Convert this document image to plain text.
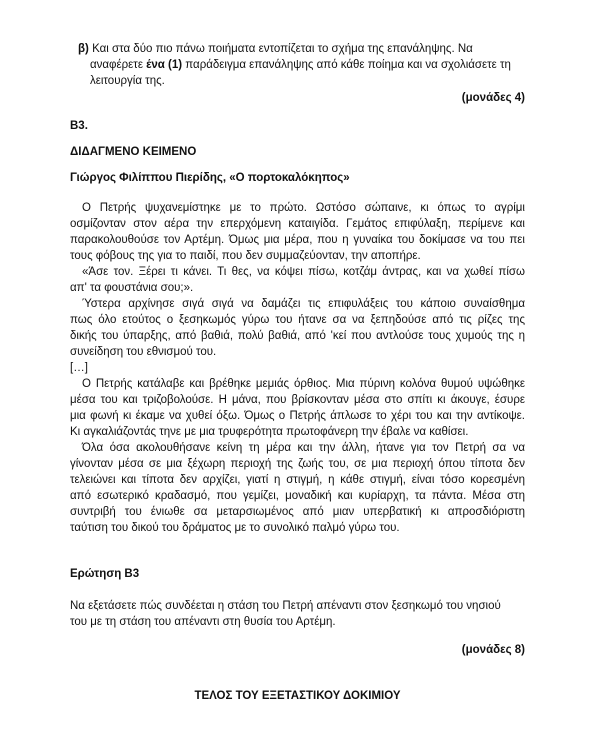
β) Και στα δύο πιο πάνω ποιήματα εντοπίζεται το σχήμα της επανάληψης. Να
αναφέρετε ένα (1) παράδειγμα επανάληψης από κάθε ποίημα και να σχολιάσετε τη
λειτουργία της.
(μονάδες 4)
Β3.
ΔΙΔΑΓΜΕΝΟ ΚΕΙΜΕΝΟ
Γιώργος Φιλίππου Πιερίδης, «Ο πορτοκαλόκηπος»
Ο Πετρής ψυχανεμίστηκε με το πρώτο. Ωστόσο σώπαινε, κι όπως το αγρίμι
οσμίζονταν στον αέρα την επερχόμενη καταιγίδα. Γεμάτος επιφύλαξη, περίμενε και
παρακολουθούσε τον Αρτέμη. Όμως μια μέρα, που η γυναίκα του δοκίμασε να του πει
τους φόβους της για το παιδί, που δεν συμμαζεύονταν, την αποπήρε.
«Άσε τον. Ξέρει τι κάνει. Τι θες, να κόψει πίσω, κοτζάμ άντρας, και να χωθεί πίσω
απ' τα φουστάνια σου;».
Ύστερα αρχίνησε σιγά σιγά να δαμάζει τις επιφυλάξεις του κάποιο συναίσθημα
πως όλο ετούτος ο ξεσηκωμός γύρω του ήτανε σα να ξεπηδούσε από τις ρίζες της
δικής του ύπαρξης, από βαθιά, πολύ βαθιά, από 'κεί που αντλούσε τους χυμούς της η
συνείδηση του εθνισμού του.
[…]
Ο Πετρής κατάλαβε και βρέθηκε μεμιάς όρθιος. Μια πύρινη κολόνα θυμού υψώθηκε
μέσα του και τριζοβολούσε. Η μάνα, που βρίσκονταν μέσα στο σπίτι κι άκουγε, έσυρε
μια φωνή κι έκαμε να χυθεί όξω. Όμως ο Πετρής άπλωσε το χέρι του και την αντίκοψε.
Κι αγκαλιάζοντάς τηνε με μια τρυφερότητα πρωτοφάνερη την έβαλε να καθίσει.
Όλα όσα ακολουθήσανε κείνη τη μέρα και την άλλη, ήτανε για τον Πετρή σα να
γίνονταν μέσα σε μια ξέχωρη περιοχή της ζωής του, σε μια περιοχή όπου τίποτα δεν
τελειώνει και τίποτα δεν αρχίζει, γιατί η στιγμή, η κάθε στιγμή, είναι τόσο κορεσμένη
από εσωτερικό κραδασμό, που γεμίζει, μοναδική και κυρίαρχη, τα πάντα. Μέσα στη
συντριβή του ένιωθε σα μεταρσιωμένος από μιαν υπερβατική κι απροσδιόριστη
ταύτιση του δικού του δράματος με το συνολικό παλμό γύρω του.
Ερώτηση Β3
Να εξετάσετε πώς συνδέεται η στάση του Πετρή απέναντι στον ξεσηκωμό του νησιού
του με τη στάση του απέναντι στη θυσία του Αρτέμη.
(μονάδες 8)
ΤΕΛΟΣ ΤΟΥ ΕΞΕΤΑΣΤΙΚΟΥ ΔΟΚΙΜΙΟΥ
